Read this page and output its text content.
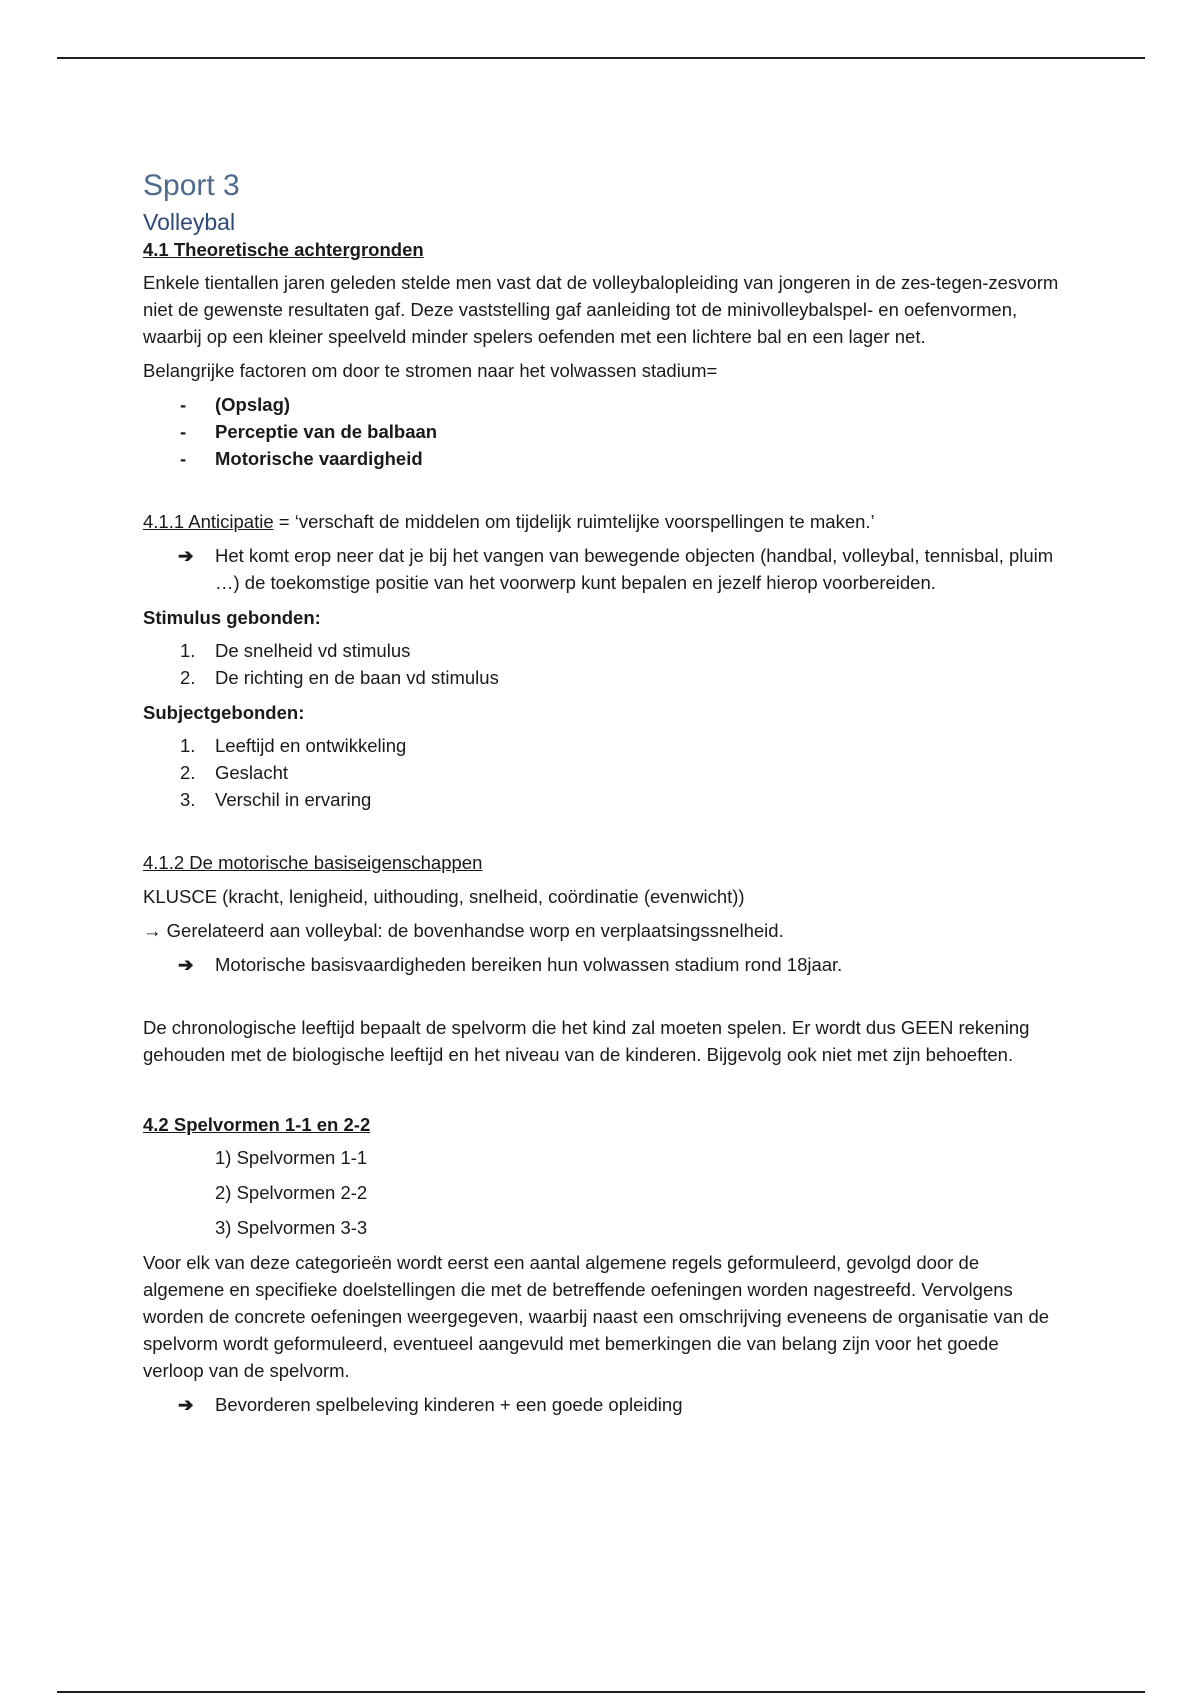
Sport 3
Volleybal

4.1 Theoretische achtergronden

Enkele tientallen jaren geleden stelde men vast dat de volleybalopleiding van jongeren in de zes-tegen-zesvorm niet de gewenste resultaten gaf. Deze vaststelling gaf aanleiding tot de minivolleybalspel- en oefenvormen, waarbij op een kleiner speelveld minder spelers oefenden met een lichtere bal en een lager net.

Belangrijke factoren om door te stromen naar het volwassen stadium=

- (Opslag)
- Perceptie van de balbaan
- Motorische vaardigheid

4.1.1 Anticipatie = ‘verschaft de middelen om tijdelijk ruimtelijke voorspellingen te maken.’

➔ Het komt erop neer dat je bij het vangen van bewegende objecten (handbal, volleybal, tennisbal, pluim …) de toekomstige positie van het voorwerp kunt bepalen en jezelf hierop voorbereiden.

Stimulus gebonden:

1. De snelheid vd stimulus
2. De richting en de baan vd stimulus

Subjectgebonden:

1. Leeftijd en ontwikkeling
2. Geslacht
3. Verschil in ervaring

4.1.2 De motorische basiseigenschappen

KLUSCE (kracht, lenigheid, uithouding, snelheid, coördinatie (evenwicht))

→ Gerelateerd aan volleybal: de bovenhandse worp en verplaatsingssnelheid.

➔ Motorische basisvaardigheden bereiken hun volwassen stadium rond 18jaar.

De chronologische leeftijd bepaalt de spelvorm die het kind zal moeten spelen. Er wordt dus GEEN rekening gehouden met de biologische leeftijd en het niveau van de kinderen. Bijgevolg ook niet met zijn behoeften.

4.2 Spelvormen 1-1 en 2-2

1) Spelvormen 1-1
2) Spelvormen 2-2
3) Spelvormen 3-3

Voor elk van deze categorieën wordt eerst een aantal algemene regels geformuleerd, gevolgd door de algemene en specifieke doelstellingen die met de betreffende oefeningen worden nagestreefd. Vervolgens worden de concrete oefeningen weergegeven, waarbij naast een omschrijving eveneens de organisatie van de spelvorm wordt geformuleerd, eventueel aangevuld met bemerkingen die van belang zijn voor het goede verloop van de spelvorm.

➔ Bevorderen spelbeleving kinderen + een goede opleiding
